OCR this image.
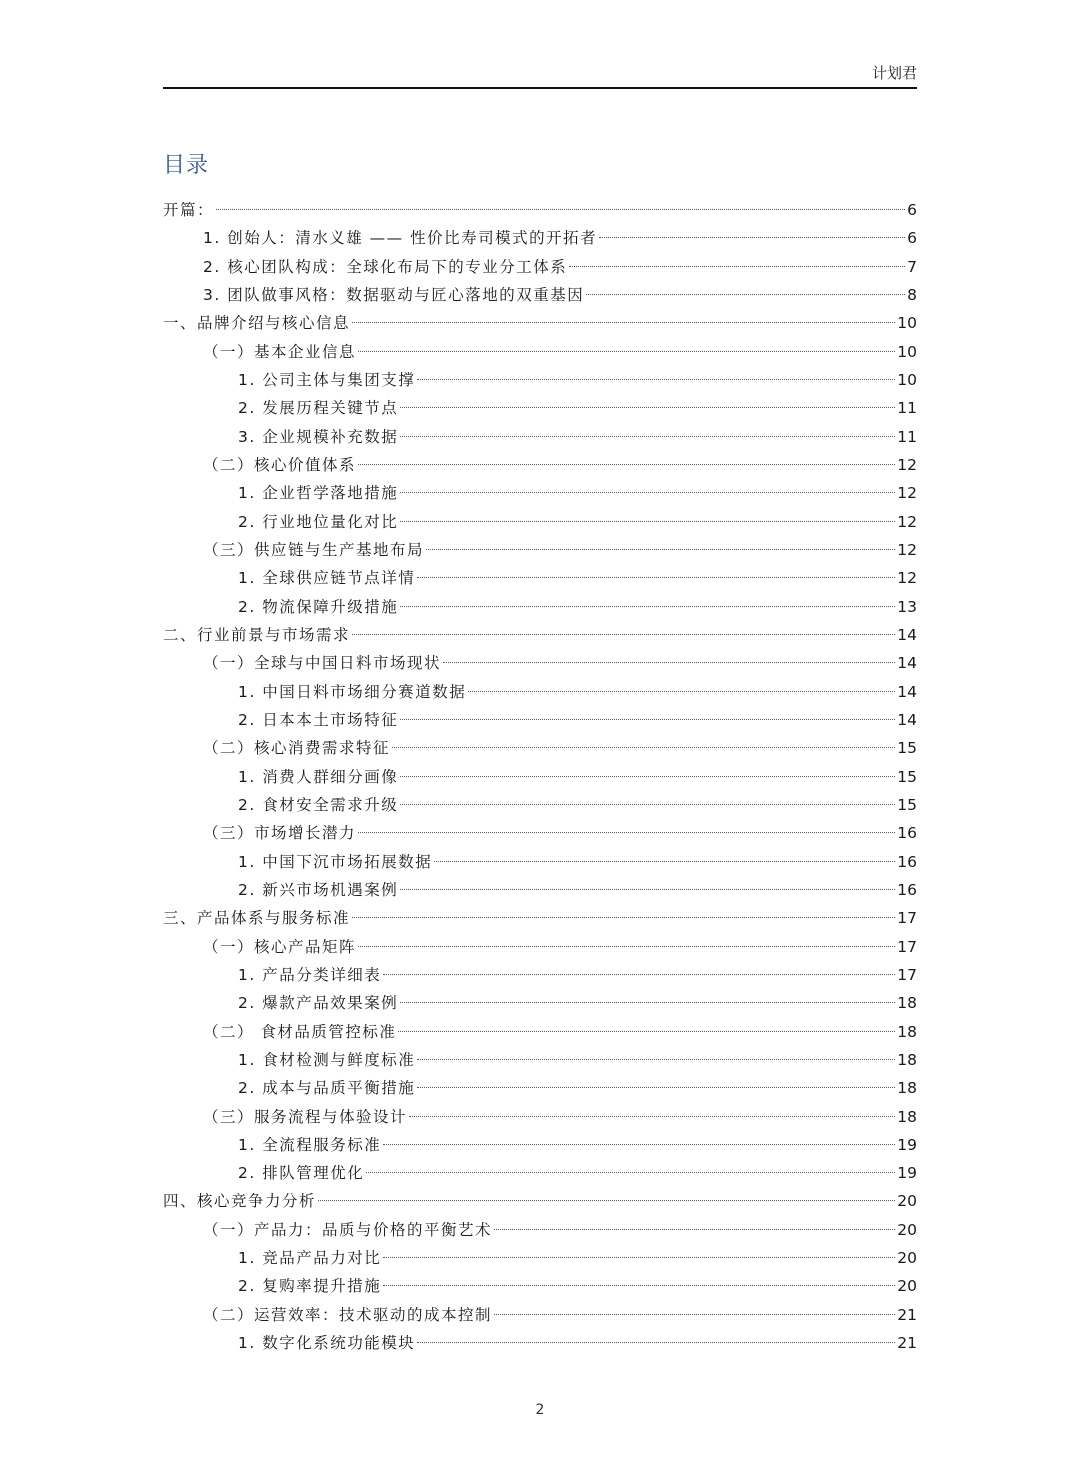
计划君
目录
开篇：	6
1. 创始人：清水义雄 —— 性价比寿司模式的开拓者	6
2. 核心团队构成：全球化布局下的专业分工体系	7
3. 团队做事风格：数据驱动与匠心落地的双重基因	8
一、品牌介绍与核心信息	10
（一）基本企业信息	10
1. 公司主体与集团支撑	10
2. 发展历程关键节点	11
3. 企业规模补充数据	11
（二）核心价值体系	12
1. 企业哲学落地措施	12
2. 行业地位量化对比	12
（三）供应链与生产基地布局	12
1. 全球供应链节点详情	12
2. 物流保障升级措施	13
二、行业前景与市场需求	14
（一）全球与中国日料市场现状	14
1. 中国日料市场细分赛道数据	14
2. 日本本土市场特征	14
（二）核心消费需求特征	15
1. 消费人群细分画像	15
2. 食材安全需求升级	15
（三）市场增长潜力	16
1. 中国下沉市场拓展数据	16
2. 新兴市场机遇案例	16
三、产品体系与服务标准	17
（一）核心产品矩阵	17
1. 产品分类详细表	17
2. 爆款产品效果案例	18
（二） 食材品质管控标准	18
1. 食材检测与鲜度标准	18
2. 成本与品质平衡措施	18
（三）服务流程与体验设计	18
1. 全流程服务标准	19
2. 排队管理优化	19
四、核心竞争力分析	20
（一）产品力：品质与价格的平衡艺术	20
1. 竞品产品力对比	20
2. 复购率提升措施	20
（二）运营效率：技术驱动的成本控制	21
1. 数字化系统功能模块	21
2
